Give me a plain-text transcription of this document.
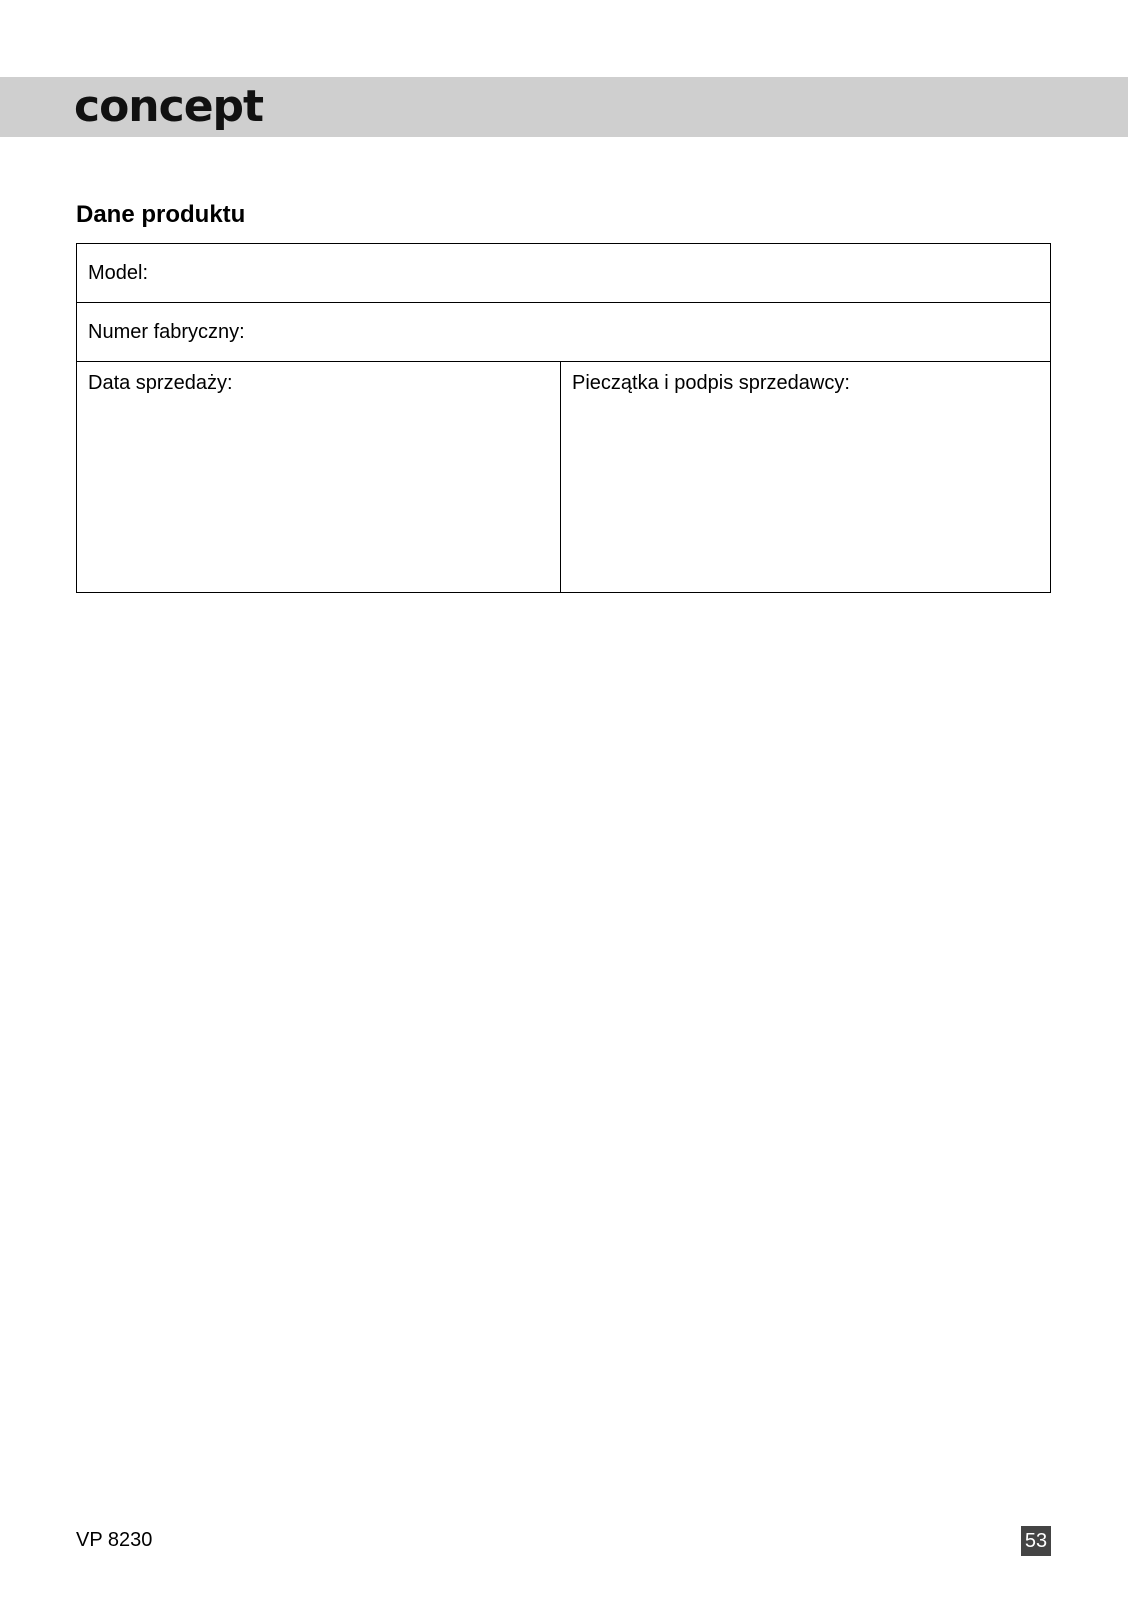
concept
Dane produktu
Model:
Numer fabryczny:
Data sprzedaży:	Pieczątka i podpis sprzedawcy:
VP 8230	53
